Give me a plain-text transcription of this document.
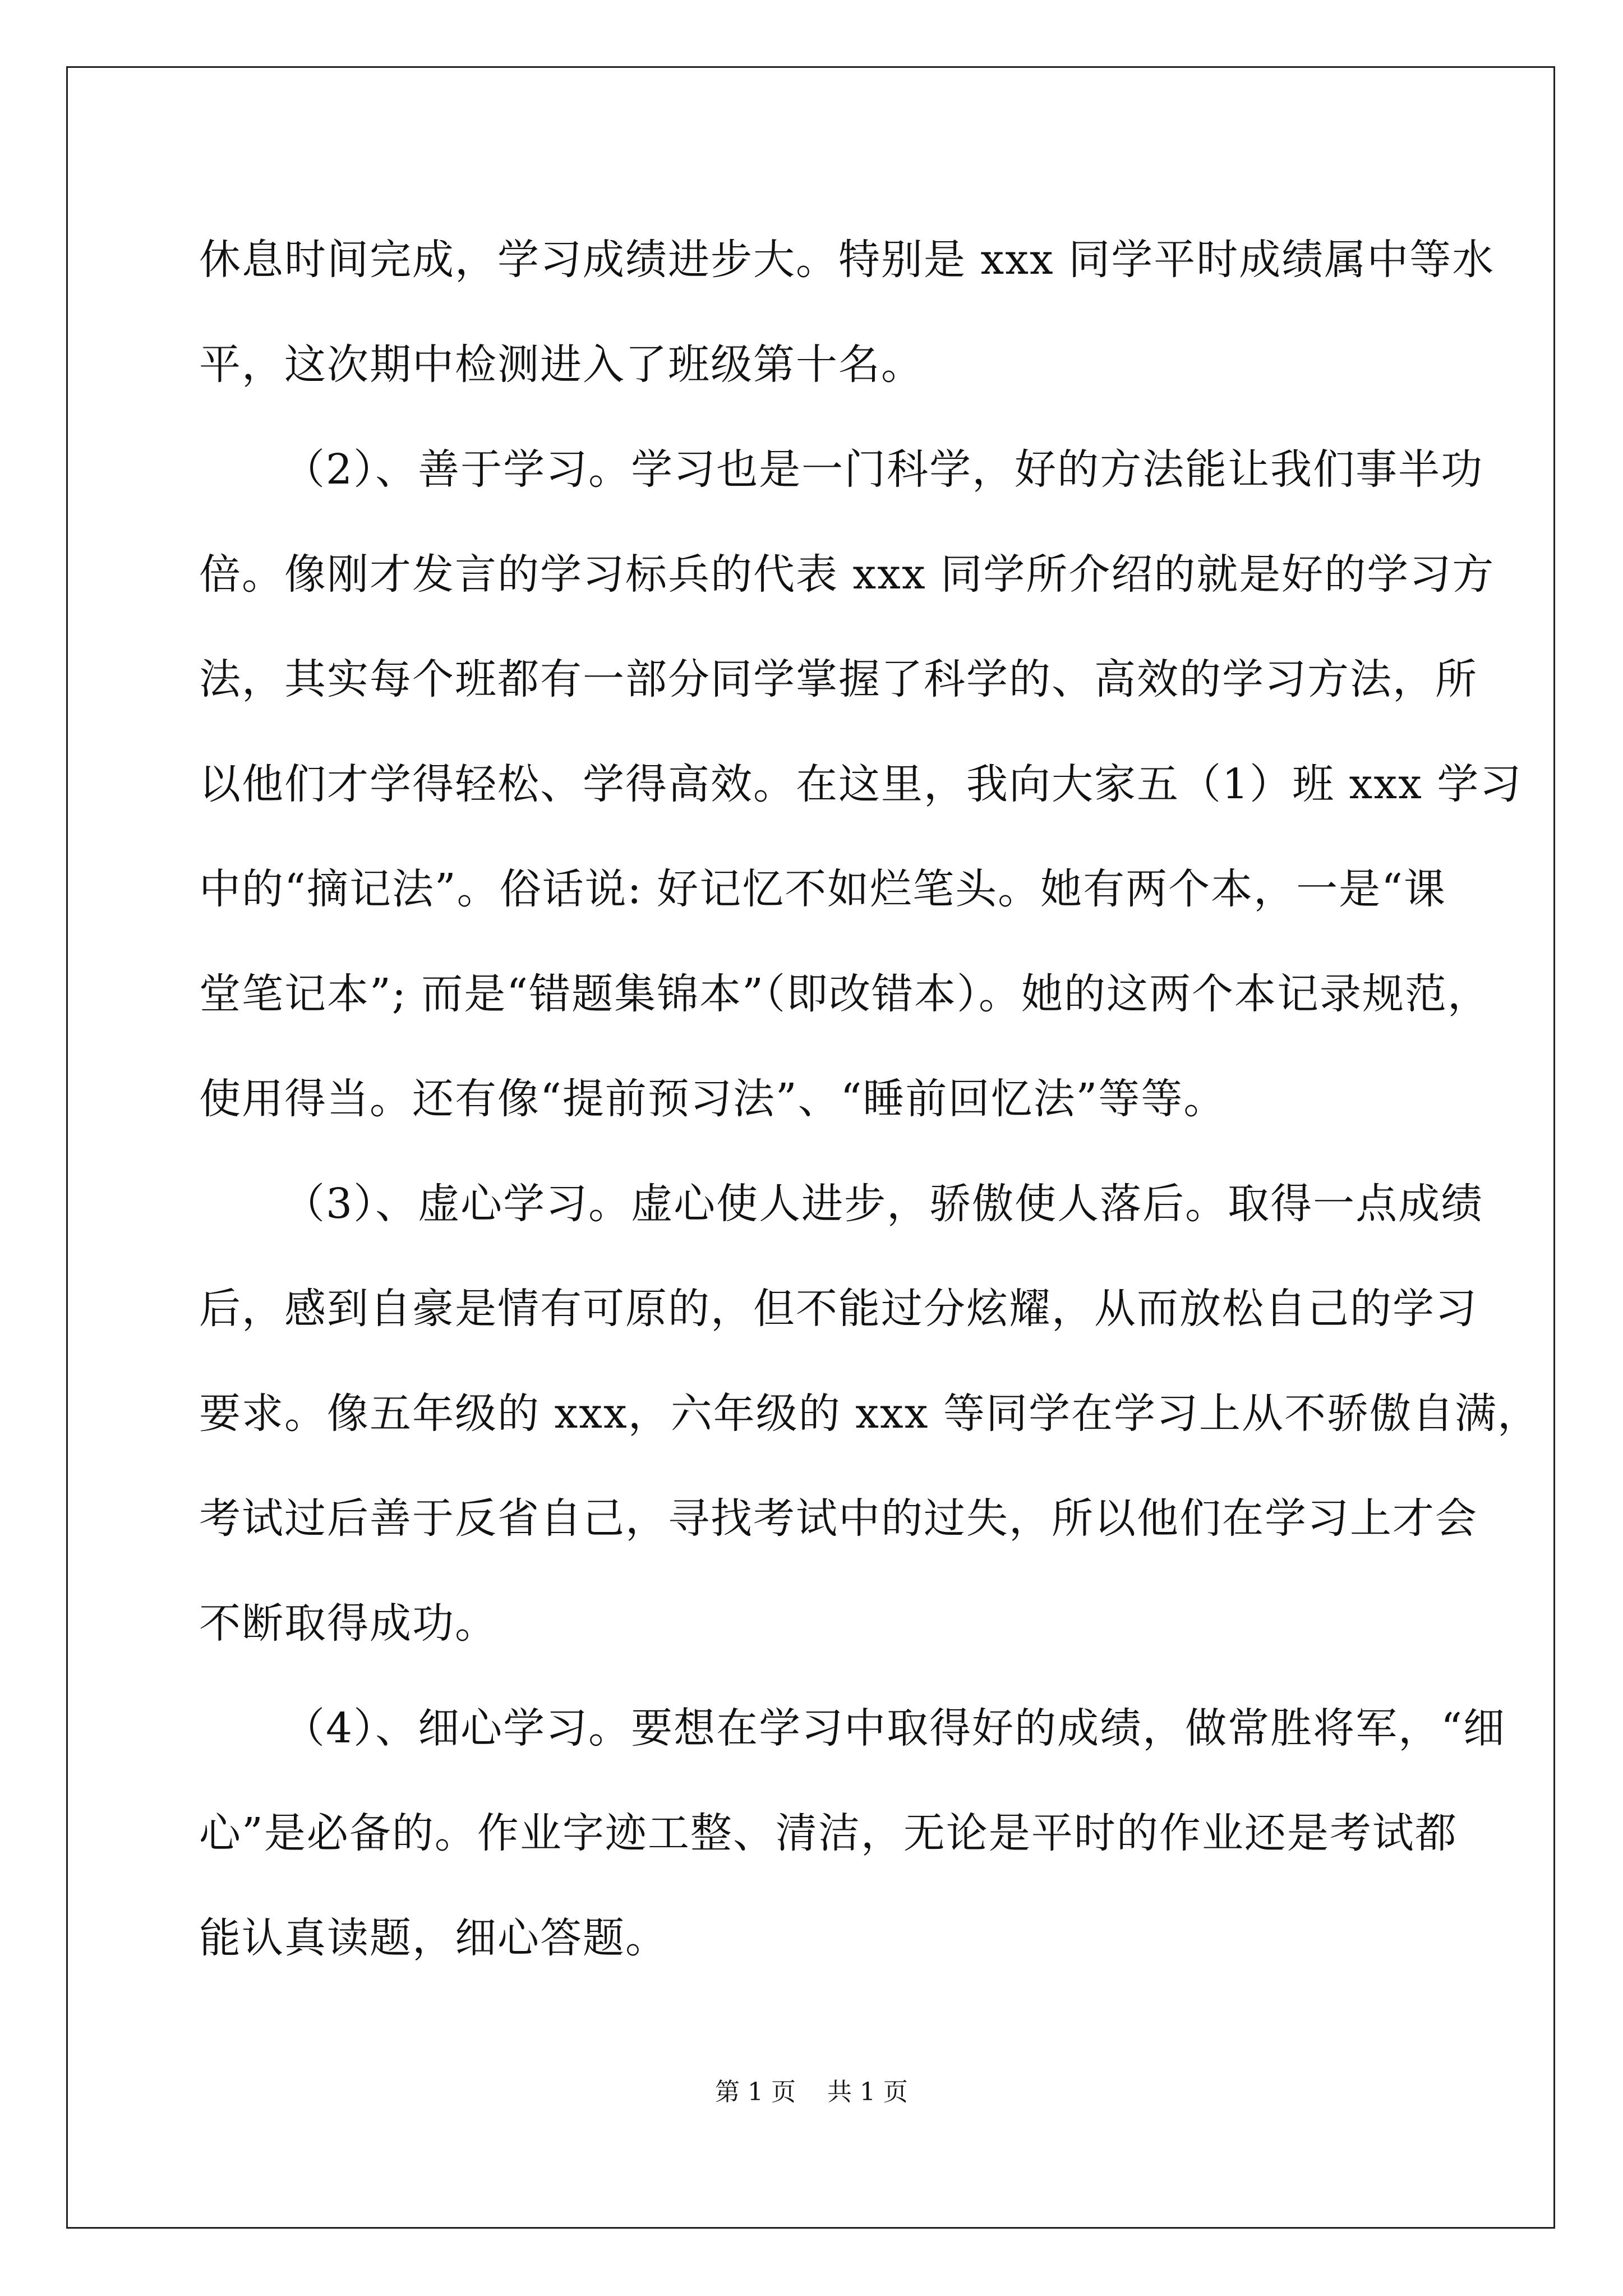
休息时间完成，学习成绩进步大。特别是 xxx 同学平时成绩属中等水
平，这次期中检测进入了班级第十名。
（2）、善于学习。学习也是一门科学，好的方法能让我们事半功
倍。像刚才发言的学习标兵的代表 xxx 同学所介绍的就是好的学习方
法，其实每个班都有一部分同学掌握了科学的、高效的学习方法，所
以他们才学得轻松、学得高效。在这里，我向大家五（1）班 xxx 学习
中的“摘记法”。俗话说: 好记忆不如烂笔头。她有两个本，一是“课
堂笔记本”; 而是“错题集锦本”（即改错本）。她的这两个本记录规范，
使用得当。还有像“提前预习法”、“睡前回忆法”等等。
（3）、虚心学习。虚心使人进步，骄傲使人落后。取得一点成绩
后，感到自豪是情有可原的，但不能过分炫耀，从而放松自己的学习
要求。像五年级的 xxx，六年级的 xxx 等同学在学习上从不骄傲自满，
考试过后善于反省自己，寻找考试中的过失，所以他们在学习上才会
不断取得成功。
（4）、细心学习。要想在学习中取得好的成绩，做常胜将军，“细
心”是必备的。作业字迹工整、清洁，无论是平时的作业还是考试都
能认真读题，细心答题。
第 1 页 共 1 页
